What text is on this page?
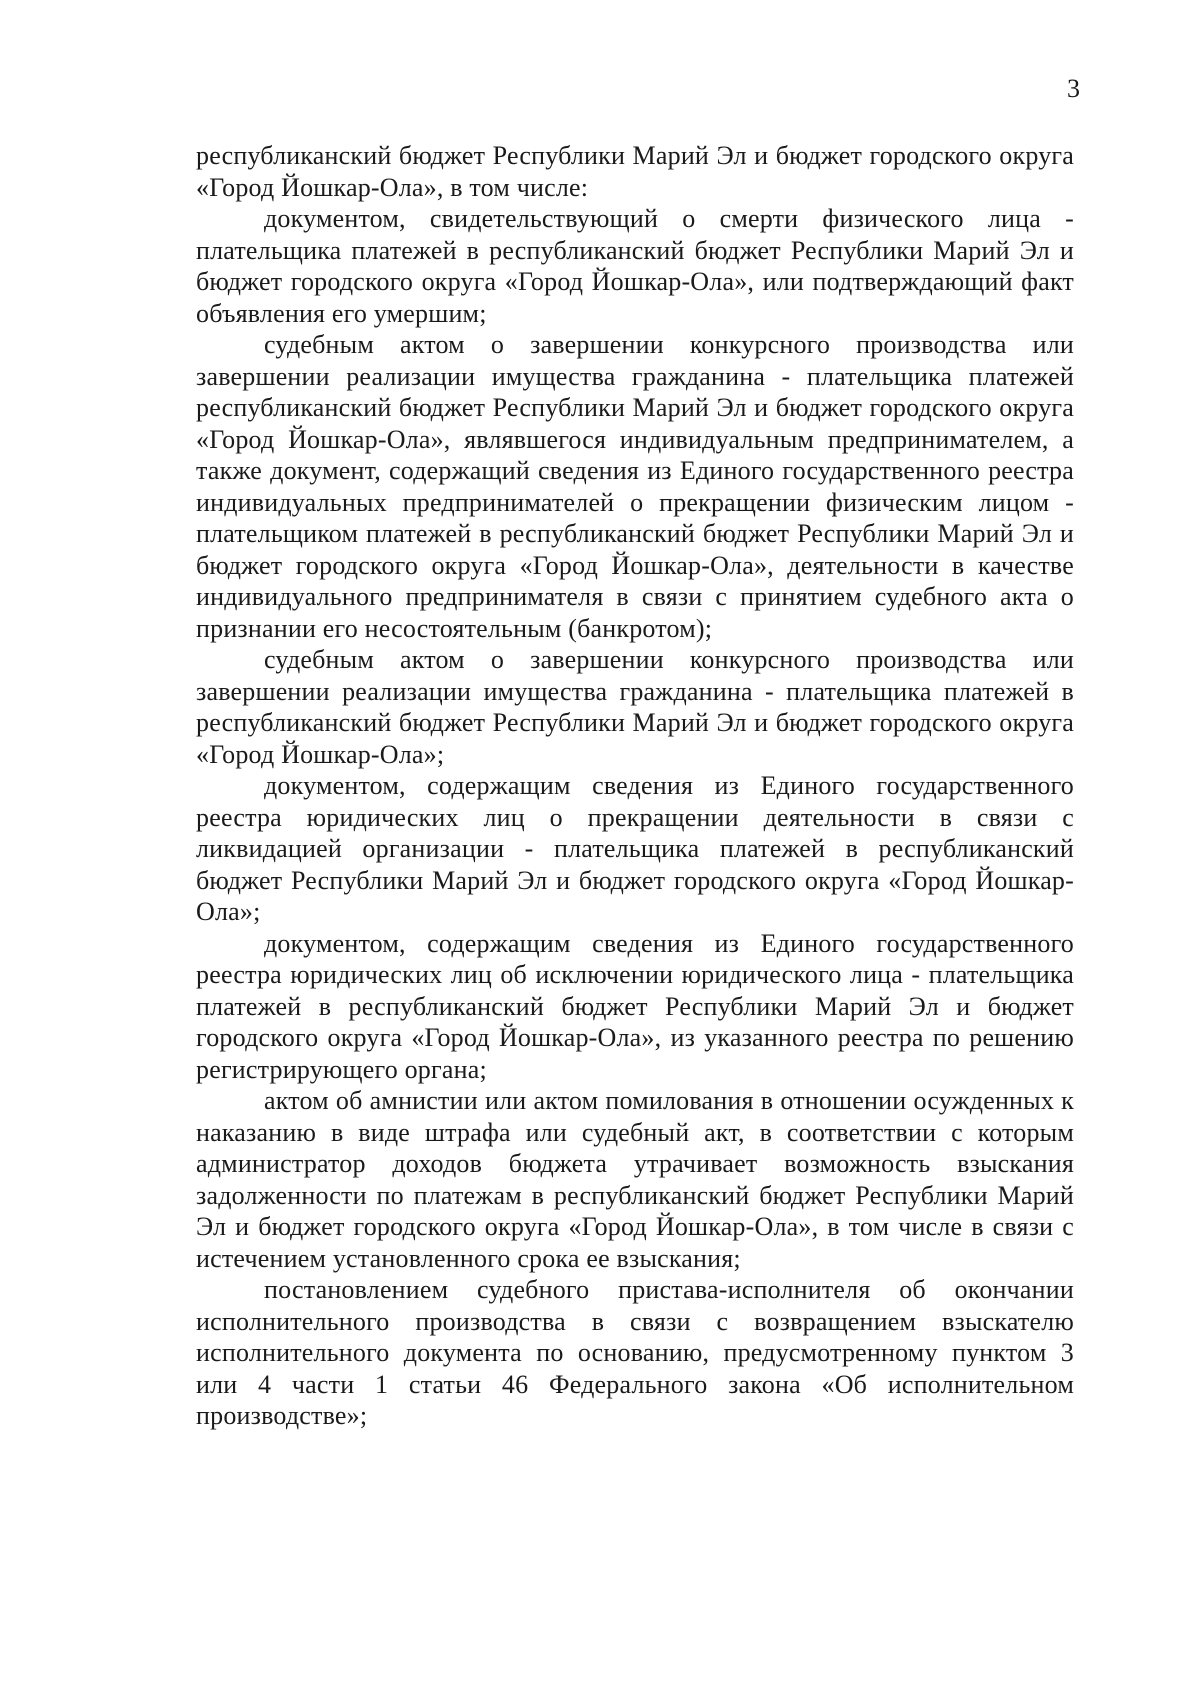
3

республиканский бюджет Республики Марий Эл и бюджет городского округа «Город Йошкар-Ола», в том числе:

документом, свидетельствующий о смерти физического лица - плательщика платежей в республиканский бюджет Республики Марий Эл и бюджет городского округа «Город Йошкар-Ола», или подтверждающий факт объявления его умершим;

судебным актом о завершении конкурсного производства или завершении реализации имущества гражданина - плательщика платежей республиканский бюджет Республики Марий Эл и бюджет городского округа «Город Йошкар-Ола», являвшегося индивидуальным предпринимателем, а также документ, содержащий сведения из Единого государственного реестра индивидуальных предпринимателей о прекращении физическим лицом - плательщиком платежей в республиканский бюджет Республики Марий Эл и бюджет городского округа «Город Йошкар-Ола», деятельности в качестве индивидуального предпринимателя в связи с принятием судебного акта о признании его несостоятельным (банкротом);

судебным актом о завершении конкурсного производства или завершении реализации имущества гражданина - плательщика платежей в республиканский бюджет Республики Марий Эл и бюджет городского округа «Город Йошкар-Ола»;

документом, содержащим сведения из Единого государственного реестра юридических лиц о прекращении деятельности в связи с ликвидацией организации - плательщика платежей в республиканский бюджет Республики Марий Эл и бюджет городского округа «Город Йошкар-Ола»;

документом, содержащим сведения из Единого государственного реестра юридических лиц об исключении юридического лица - плательщика платежей в республиканский бюджет Республики Марий Эл и бюджет городского округа «Город Йошкар-Ола», из указанного реестра по решению регистрирующего органа;

актом об амнистии или актом помилования в отношении осужденных к наказанию в виде штрафа или судебный акт, в соответствии с которым администратор доходов бюджета утрачивает возможность взыскания задолженности по платежам в республиканский бюджет Республики Марий Эл и бюджет городского округа «Город Йошкар-Ола», в том числе в связи с истечением установленного срока ее взыскания;

постановлением судебного пристава-исполнителя об окончании исполнительного производства в связи с возвращением взыскателю исполнительного документа по основанию, предусмотренному пунктом 3 или 4 части 1 статьи 46 Федерального закона «Об исполнительном производстве»;
